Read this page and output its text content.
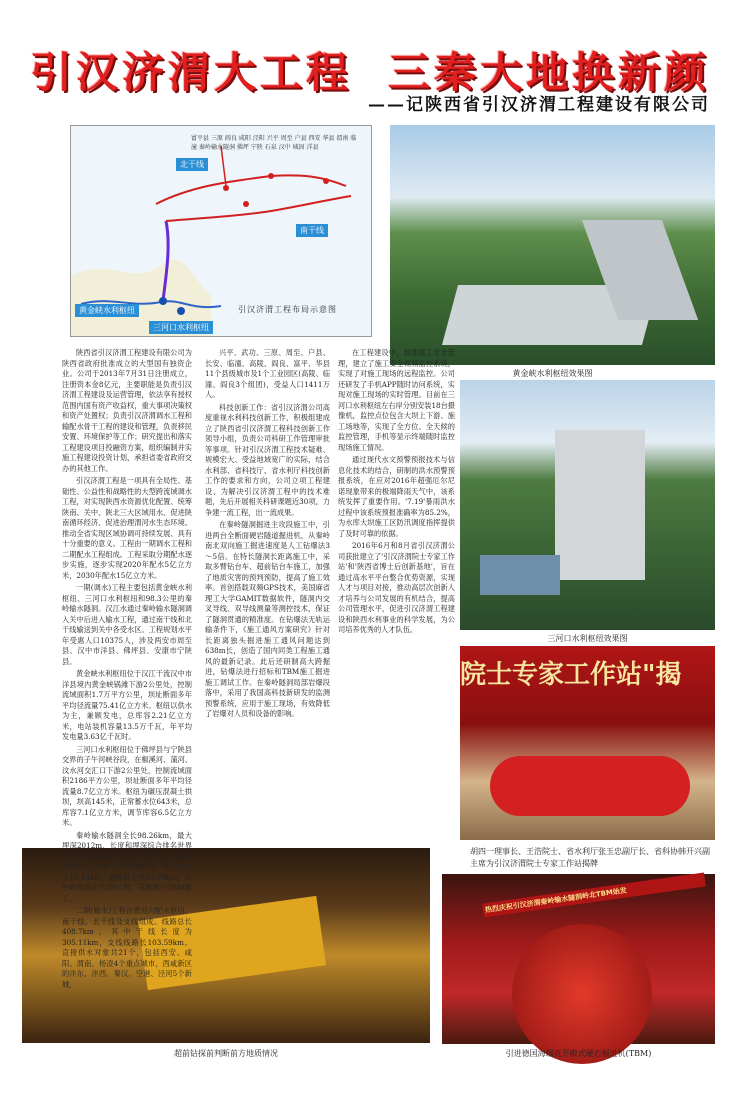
引汉济渭大工程 三秦大地换新颜
——记陕西省引汉济渭工程建设有限公司
北干线
南干线
黄金峡水利枢纽
三河口水利枢纽
富平县 三原 阎良 咸阳 泾阳 兴平 周至 户县 西安 华县 渭南 临潼 秦岭输水隧洞 佛坪 宁陕 石泉 汉中 城固 洋县
引汉济渭工程布局示意图
黄金峡水利枢纽效果图
三河口水利枢纽效果图
院士专家工作站"揭
胡四一理事长、王浩院士、省水利厅张玉忠副厅长、省科协韩开兴副主席为引汉济渭院士专家工作站揭牌
超前钻探前判断前方地质情况
热烈庆祝引汉济渭秦岭输水隧洞岭北TBM始发
引进德国海瑞克开敞式硬岩掘进机(TBM)

陕西省引汉济渭工程建设有限公司为陕西省政府批准成立的大型国有独资企业。公司于2013年7月31日注册成立，注册资本金8亿元，主要职能是负责引汉济渭工程建设及运营管理，依法享有授权范围内国有资产收益权，重大事项决策权和资产处置权；负责引汉济渭调水工程和输配水骨干工程的建设和管理，负责移民安置、环境保护等工作；研究提出和落实工程建设项目投融资方案，组织编制并实施工程建设投资计划，承担省委省政府交办的其他工作。

引汉济渭工程是一项具有全局性、基础性、公益性和战略性的大型跨流域调水工程，对实现陕西水资源优化配置、统筹陕南、关中、陕北三大区域用水、促进陕南循环经济、促进治理渭河水生态环境、推动全省实现区域协调可持续发展、具有十分重要的意义。工程由一期调水工程和二期配水工程组成。工程采取分期配水逐步实施，逐步实现2020年配水5亿立方米，2030年配水15亿立方米。

一期(调水)工程主要包括黄金峡水利枢纽、三河口水利枢纽和98.3公里的秦岭输水隧洞。汉江水通过秦岭输水隧洞调入关中后进入输水工程，通过南干线和北干线输送到关中各受水区。工程规划水平年受惠人口10375人，涉及两安市周至县、汉中市洋县、佛坪县、安康市宁陕县。

黄金峡水利枢纽位于汉江干流汉中市洋县境内黄金峡锅滩下游2公里处，控制流域面积1.7万平方公里，坝址断面多年平均径流量75.41亿立方米。枢纽以供水为主，兼顾发电，总库容2.21亿立方米，电站装机容量13.5万千瓦，年平均发电量3.63亿千瓦时。

三河口水利枢纽位于佛坪县与宁陕县交界的子午河峡谷段，在椒溪河、蒲河、汶水河交汇口下游2公里处，控制流域面积2186平方公里，坝址断面多年平均径流量8.7亿立方米。枢纽为碾压混凝土拱坝，坝高145米，正常蓄水位643米，总库容7.1亿立方米，调节库容6.5亿立方米。

秦岭输水隧洞全长98.26km，最大埋深2012m，长度和埋深综合排名世界第一。隧洞设计流量70m³/s，纵坡1/2500，分黄三段和越岭段，黄三段全长16.48km；越岭段全长81.78km，其中岭脊段长约39公里，采用两台TBM施工。

二期(输水)工程由黄池沟配水枢纽、南干线、北干线及支线组成。线路总长408.7km，其中干线长度为305.11km，支线线路长103.59km。直接供水对象共21个，包括西安、咸阳、渭南、杨凌4个重点城市，西咸新区的沣东、沣西、秦汉、空港、泾河5个新城，

兴平、武功、三原、周至、户县、长安、临潼、高陵、阎良、富平、华县11个县级城市及1个工业园区(高陵、临潼、阎良3个组团)，受益人口1411万人。

科技创新工作：省引汉济渭公司高度重视水利科技创新工作，积极组建成立了陕西省引汉济渭工程科技创新工作领导小组，负责公司科研工作管理审批等事项。针对引汉济渭工程技术疑难、规模宏大、受益地域宽广的实际，结合水利部、省科技厅、省水利厅科技创新工作的要求和方向，公司立项工程建设、为解决引汉济渭工程中的技术难题，先后开展相关科研课题近30项，力争建一流工程，出一流成果。

在秦岭隧洞掘进主攻段施工中，引进两台全断面硬岩隧道掘进机，从秦岭南北双向施工掘进速度是人工钻爆法3～5倍。在特长隧洞长距离施工中，采取多臂钻台车、超前钻台车施工，加强了地质灾害的预判预防，提高了施工效率。首创搭载双频GPS技术，美国麻省理工大学GAMIT数据软件，隧洞内交叉导线、双导线测量等测控技术，保证了隧洞贯通的精准度。在钻爆法无轨运输条件下，《施工通风方案研究》针对长距离独头掘进施工通风问题达到638m长，创造了国内同类工程施工通风的最新记录。此后还研制高大跨掘进，钻爆法进行招标和TBM施工掘进施工调试工作。在秦岭隧洞局部岩爆段落中，采用了我国高科技新研发的监测预警系统，应用于施工现场，有效降低了岩爆对人员和设备的影响。

在工程建设中，加强施工安全管理，建立了施工安全视频监控系统，实现了对施工现场的远程监控。公司还研发了手机APP随时访问系统，实现对施工现场的实时管理。目前在三河口水利枢纽左右岸分别安装18台摄像机，监控点位包含大坝上下游、施工场地等，实现了全方位、全天候的监控管理，手机等显示终端随时监控现场施工情况。

通过现代水文预警预报技术与信息化技术的结合，研制的洪水预警预报系统，在应对2016年超强厄尔尼诺现象带来的极端降雨天气中，该系统发挥了重要作用。'7.19'暴雨洪水过程中该系统预报准确率为85.2%，为水库大坝施工区防汛调度指挥提供了及时可靠的依据。

2016年6月和8月省引汉济渭公司获批建立了'引汉济渭院士专家工作站'和'陕西省博士后创新基地'，旨在通过高水平平台整合优势资源，实现人才与项目对接，推动高层次创新人才培养与公司发展的有机结合，提高公司管理水平，促进引汉济渭工程建设和陕西水利事业的科学发展，为公司培养优秀的人才队伍。
